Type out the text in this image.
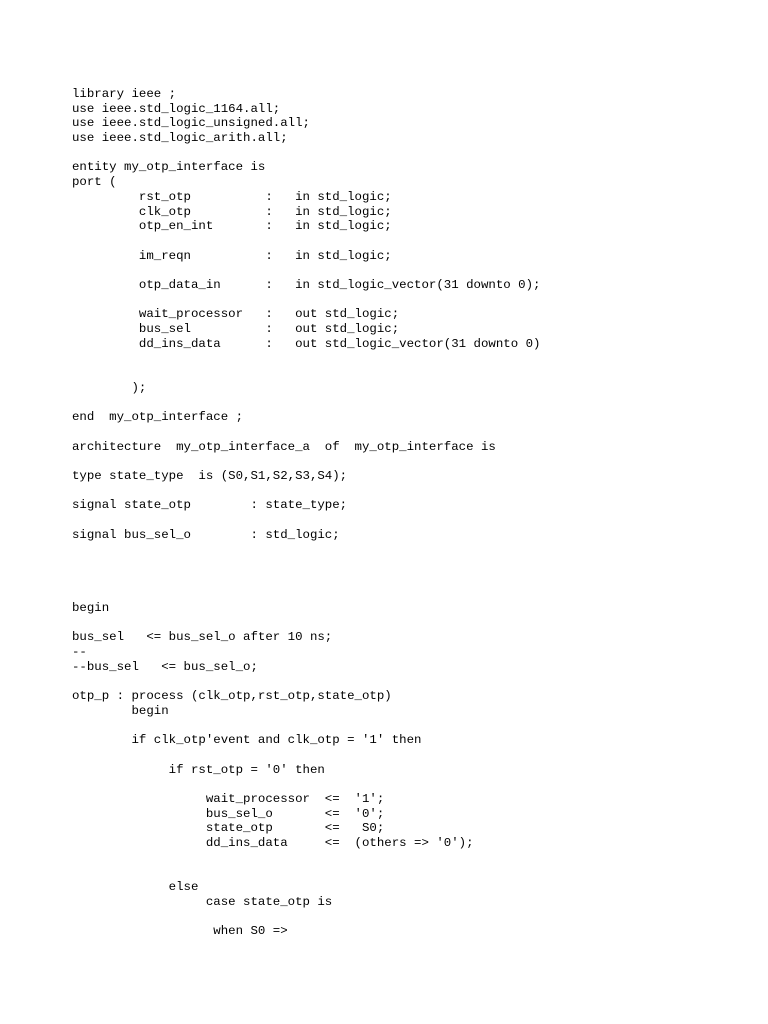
library ieee ;
use ieee.std_logic_1164.all;
use ieee.std_logic_unsigned.all;
use ieee.std_logic_arith.all;
entity my_otp_interface is
port (
rst_otp          :   in std_logic;
clk_otp          :   in std_logic;
otp_en_int       :   in std_logic;
im_reqn          :   in std_logic;
otp_data_in      :   in std_logic_vector(31 downto 0);
wait_processor   :   out std_logic;
bus_sel          :   out std_logic;
dd_ins_data      :   out std_logic_vector(31 downto 0)
);
end  my_otp_interface ;
architecture  my_otp_interface_a  of  my_otp_interface is
type state_type  is (S0,S1,S2,S3,S4);
signal state_otp        : state_type;
signal bus_sel_o        : std_logic;
begin
bus_sel   <= bus_sel_o after 10 ns;
--
--bus_sel   <= bus_sel_o;
otp_p : process (clk_otp,rst_otp,state_otp)
begin
if clk_otp'event and clk_otp = '1' then
if rst_otp = '0' then
wait_processor  <=  '1';
bus_sel_o       <=  '0';
state_otp       <=   S0;
dd_ins_data     <=  (others => '0');
else
case state_otp is
when S0 =>
